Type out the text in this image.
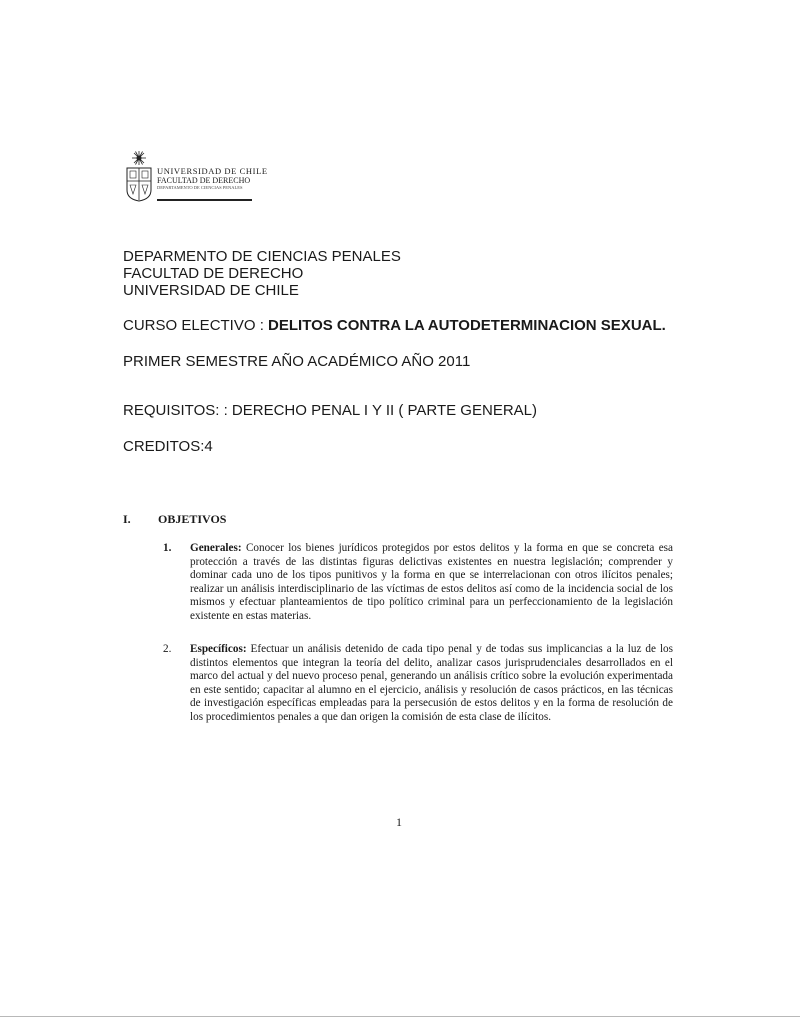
UNIVERSIDAD DE CHILE
FACULTAD DE DERECHO
DEPARTAMENTO DE CIENCIAS PENALES
DEPARMENTO DE CIENCIAS PENALES
FACULTAD DE DERECHO
UNIVERSIDAD DE CHILE
CURSO ELECTIVO : DELITOS CONTRA LA AUTODETERMINACION SEXUAL.
PRIMER SEMESTRE AÑO ACADÉMICO AÑO 2011
REQUISITOS: : DERECHO PENAL I Y II ( PARTE GENERAL)
CREDITOS:4
I. OBJETIVOS
1. Generales: Conocer los bienes jurídicos protegidos por estos delitos y la forma en que se concreta esa protección a través de las distintas figuras delictivas existentes en nuestra legislación; comprender y dominar cada uno de los tipos punitivos y la forma en que se interrelacionan con otros ilícitos penales; realizar un análisis interdisciplinario de las víctimas de estos delitos así como de la incidencia social de los mismos y efectuar planteamientos de tipo político criminal para un perfeccionamiento de la legislación existente en estas materias.
2. Específicos: Efectuar un análisis detenido de cada tipo penal y de todas sus implicancias a la luz de los distintos elementos que integran la teoría del delito, analizar casos jurisprudenciales desarrollados en el marco del actual y del nuevo proceso penal, generando un análisis crítico sobre la evolución experimentada en este sentido; capacitar al alumno en el ejercicio, análisis y resolución de casos prácticos, en las técnicas de investigación específicas empleadas para la persecusión de estos delitos y en la forma de resolución de los procedimientos penales a que dan origen la comisión de esta clase de ilícitos.
1
